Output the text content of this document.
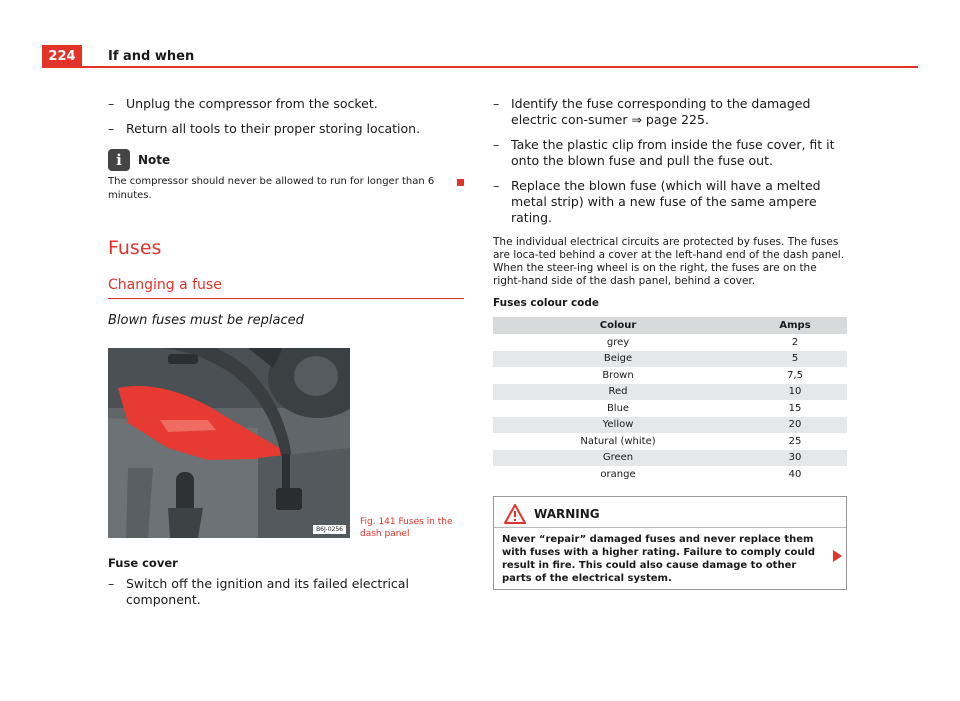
224	If and when
– Unplug the compressor from the socket.
– Return all tools to their proper storing location.
i	Note
The compressor should never be allowed to run for longer than 6 minutes.
Fuses
Changing a fuse
Blown fuses must be replaced
B6J-0256
Fig. 141 Fuses in the dash panel
Fuse cover
– Switch off the ignition and its failed electrical component.
– Identify the fuse corresponding to the damaged electric con-sumer ⇒ page 225.
– Take the plastic clip from inside the fuse cover, fit it onto the blown fuse and pull the fuse out.
– Replace the blown fuse (which will have a melted metal strip) with a new fuse of the same ampere rating.
The individual electrical circuits are protected by fuses. The fuses are loca-ted behind a cover at the left-hand end of the dash panel. When the steer-ing wheel is on the right, the fuses are on the right-hand side of the dash panel, behind a cover.
Fuses colour code
Colour	Amps
grey	2
Beige	5
Brown	7,5
Red	10
Blue	15
Yellow	20
Natural (white)	25
Green	30
orange	40
WARNING
Never “repair” damaged fuses and never replace them with fuses with a higher rating. Failure to comply could result in fire. This could also cause damage to other parts of the electrical system.
